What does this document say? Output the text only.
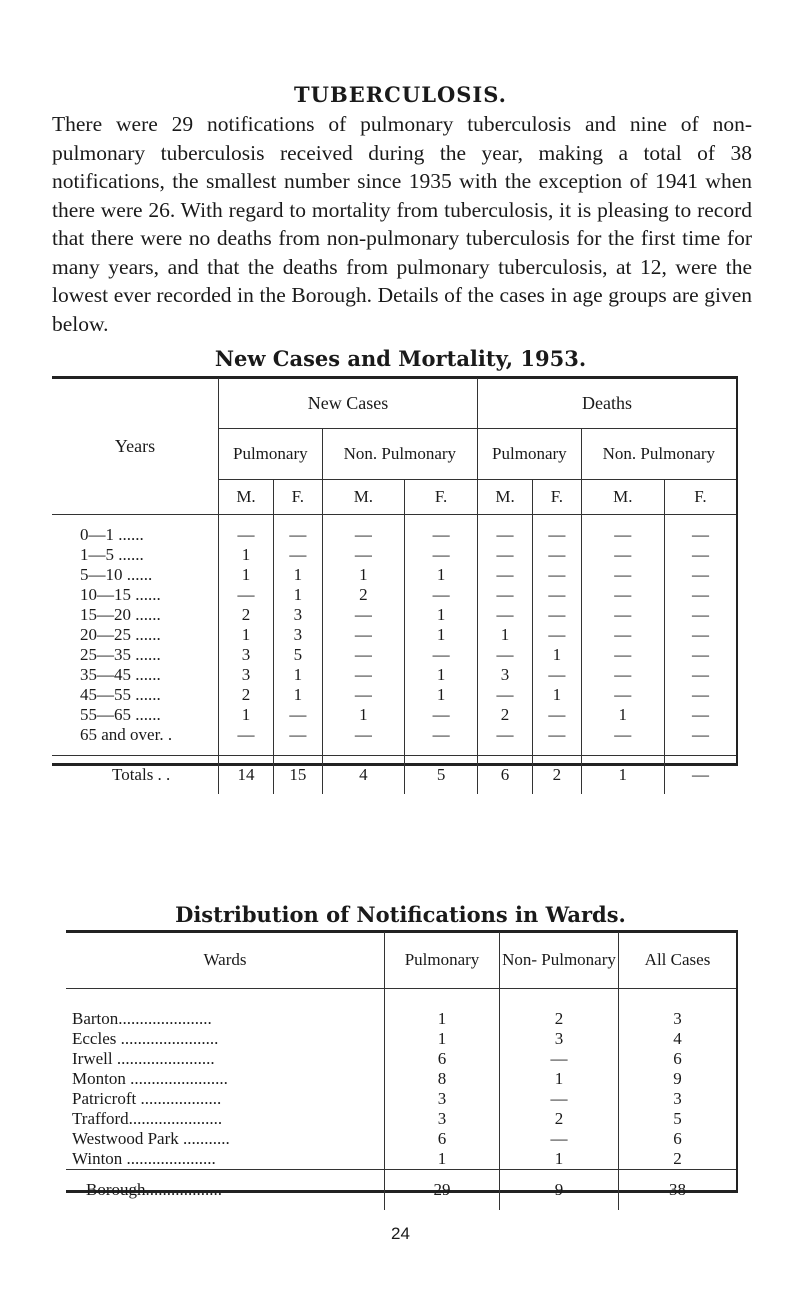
TUBERCULOSIS.
There were 29 notifications of pulmonary tuberculosis and nine of non-pulmonary tuberculosis received during the year, making a total of 38 notifications, the smallest number since 1935 with the exception of 1941 when there were 26. With regard to mortality from tuberculosis, it is pleasing to record that there were no deaths from non-pulmonary tuberculosis for the first time for many years, and that the deaths from pulmonary tuberculosis, at 12, were the lowest ever recorded in the Borough. Details of the cases in age groups are given below.
New Cases and Mortality, 1953.
Years	New Cases				Deaths			
	Pulmonary		Non. Pulmonary		Pulmonary		Non. Pulmonary	
	M.	F.	M.	F.	M.	F.	M.	F.

0—1 ......	—	—	—	—	—	—	—	—
1—5 ......	1	—	—	—	—	—	—	—
5—10 ......	1	1	1	1	—	—	—	—
10—15 ......	—	1	2	—	—	—	—	—
15—20 ......	2	3	—	1	—	—	—	—
20—25 ......	1	3	—	1	1	—	—	—
25—35 ......	3	5	—	—	—	1	—	—
35—45 ......	3	1	—	1	3	—	—	—
45—55 ......	2	1	—	1	—	1	—	—
55—65 ......	1	—	1	—	2	—	1	—
65 and over. .	—	—	—	—	—	—	—	—

Totals . .	14	15	4	5	6	2	1	—
Distribution of Notifications in Wards.
Wards	Pulmonary	Non- Pulmonary	All Cases

Barton......................	1	2	3
Eccles .......................	1	3	4
Irwell .......................	6	—	6
Monton .......................	8	1	9
Patricroft ...................	3	—	3
Trafford......................	3	2	5
Westwood Park ...........	6	—	6
Winton .....................	1	1	2
Borough..................	29	9	38
24
